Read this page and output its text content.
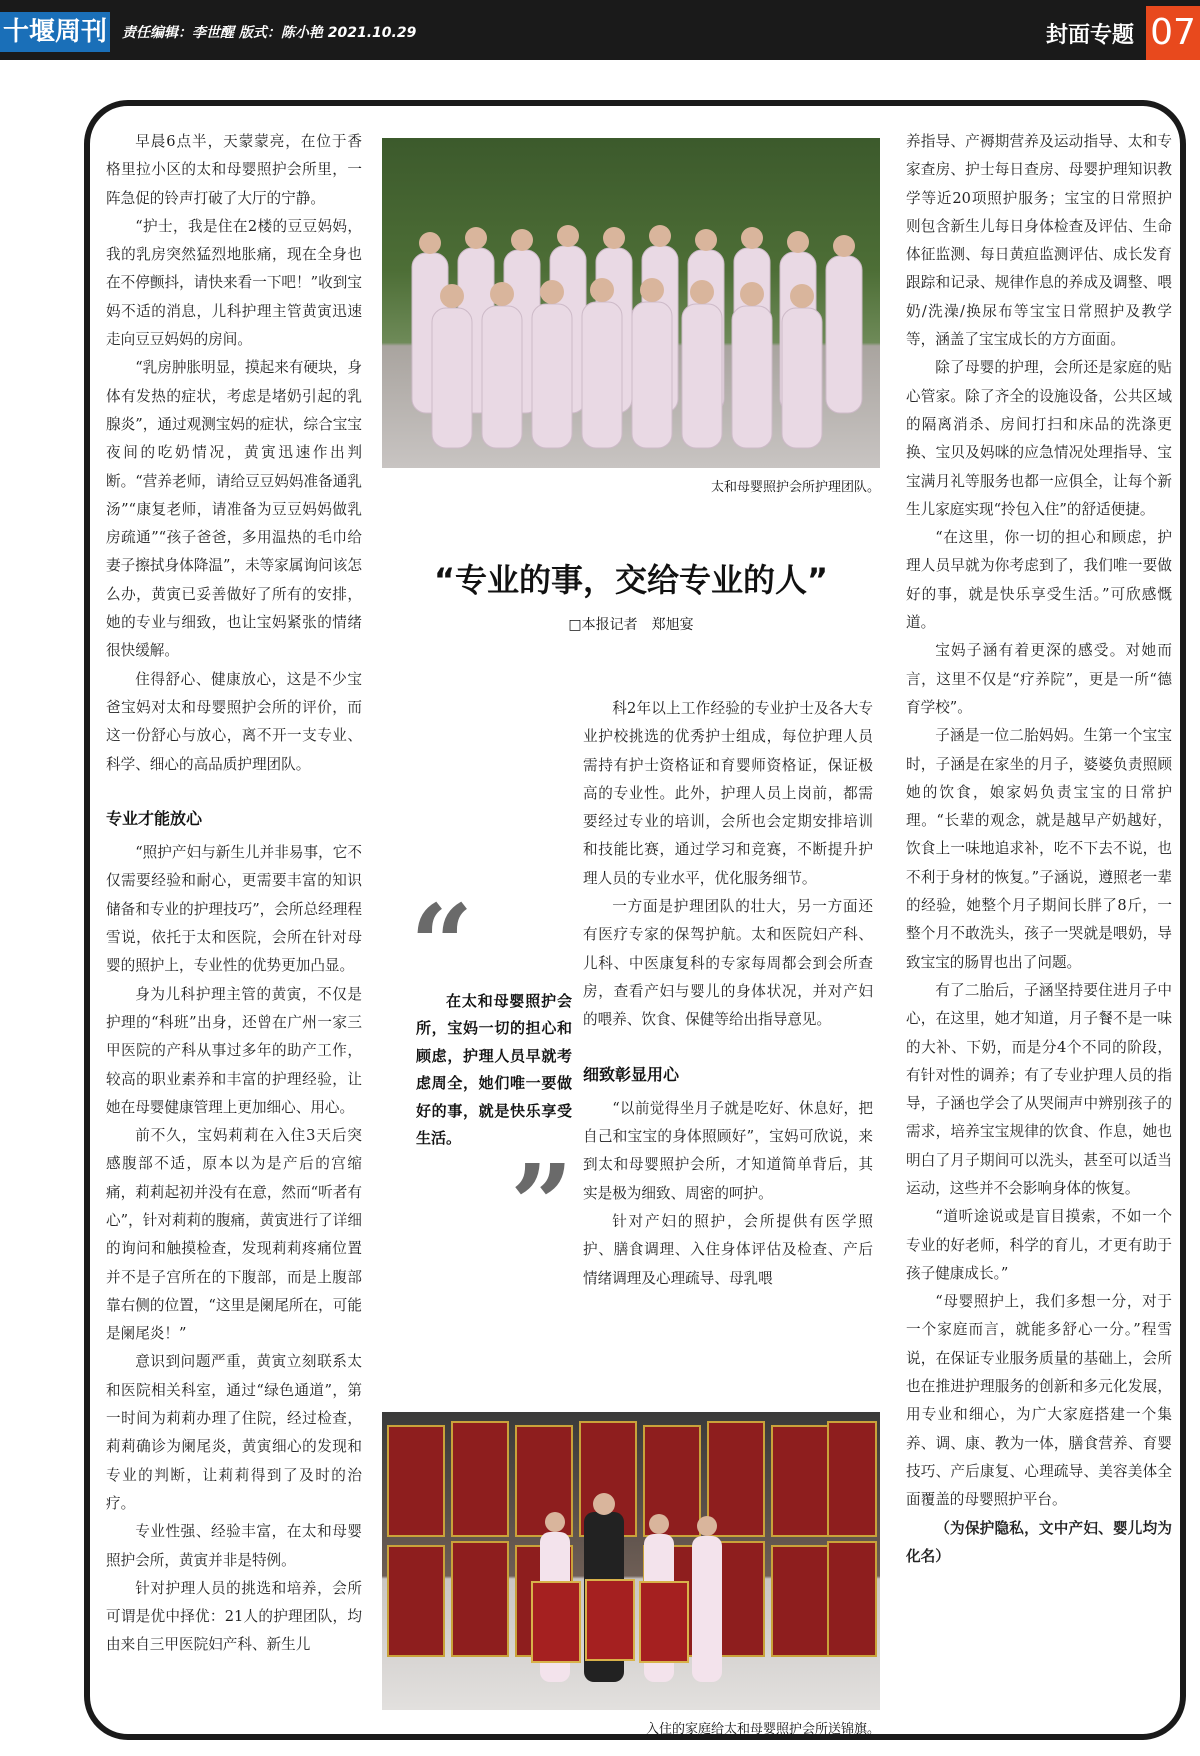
十堰周刊 责任编辑：李世醒 版式：陈小艳 2021.10.29	封面专题 07

早晨6点半，天蒙蒙亮，在位于香格里拉小区的太和母婴照护会所里，一阵急促的铃声打破了大厅的宁静。

“护士，我是住在2楼的豆豆妈妈，我的乳房突然猛烈地胀痛，现在全身也在不停颤抖，请快来看一下吧！”收到宝妈不适的消息，儿科护理主管黄寅迅速走向豆豆妈妈的房间。

“乳房肿胀明显，摸起来有硬块，身体有发热的症状，考虑是堵奶引起的乳腺炎”，通过观测宝妈的症状，综合宝宝夜间的吃奶情况，黄寅迅速作出判断。“营养老师，请给豆豆妈妈准备通乳汤”“康复老师，请准备为豆豆妈妈做乳房疏通”“孩子爸爸，多用温热的毛巾给妻子擦拭身体降温”，未等家属询问该怎么办，黄寅已妥善做好了所有的安排，她的专业与细致，也让宝妈紧张的情绪很快缓解。

住得舒心、健康放心，这是不少宝爸宝妈对太和母婴照护会所的评价，而这一份舒心与放心，离不开一支专业、科学、细心的高品质护理团队。

专业才能放心

“照护产妇与新生儿并非易事，它不仅需要经验和耐心，更需要丰富的知识储备和专业的护理技巧”，会所总经理程雪说，依托于太和医院，会所在针对母婴的照护上，专业性的优势更加凸显。

身为儿科护理主管的黄寅，不仅是护理的“科班”出身，还曾在广州一家三甲医院的产科从事过多年的助产工作，较高的职业素养和丰富的护理经验，让她在母婴健康管理上更加细心、用心。

前不久，宝妈莉莉在入住3天后突感腹部不适，原本以为是产后的宫缩痛，莉莉起初并没有在意，然而“听者有心”，针对莉莉的腹痛，黄寅进行了详细的询问和触摸检查，发现莉莉疼痛位置并不是子宫所在的下腹部，而是上腹部靠右侧的位置，“这里是阑尾所在，可能是阑尾炎！”

意识到问题严重，黄寅立刻联系太和医院相关科室，通过“绿色通道”，第一时间为莉莉办理了住院，经过检查，莉莉确诊为阑尾炎，黄寅细心的发现和专业的判断，让莉莉得到了及时的治疗。

专业性强、经验丰富，在太和母婴照护会所，黄寅并非是特例。

针对护理人员的挑选和培养，会所可谓是优中择优：21人的护理团队，均由来自三甲医院妇产科、新生儿

太和母婴照护会所护理团队。
“专业的事，交给专业的人”
□本报记者　郑旭宴
“
在太和母婴照护会所，宝妈一切的担心和顾虑，护理人员早就考虑周全，她们唯一要做好的事，就是快乐享受生活。
”

科2年以上工作经验的专业护士及各大专业护校挑选的优秀护士组成，每位护理人员需持有护士资格证和育婴师资格证，保证极高的专业性。此外，护理人员上岗前，都需要经过专业的培训，会所也会定期安排培训和技能比赛，通过学习和竞赛，不断提升护理人员的专业水平，优化服务细节。

一方面是护理团队的壮大，另一方面还有医疗专家的保驾护航。太和医院妇产科、儿科、中医康复科的专家每周都会到会所查房，查看产妇与婴儿的身体状况，并对产妇的喂养、饮食、保健等给出指导意见。

细致彰显用心

“以前觉得坐月子就是吃好、休息好，把自己和宝宝的身体照顾好”，宝妈可欣说，来到太和母婴照护会所，才知道简单背后，其实是极为细致、周密的呵护。

针对产妇的照护，会所提供有医学照护、膳食调理、入住身体评估及检查、产后情绪调理及心理疏导、母乳喂

入住的家庭给太和母婴照护会所送锦旗。

养指导、产褥期营养及运动指导、太和专家查房、护士每日查房、母婴护理知识教学等近20项照护服务；宝宝的日常照护则包含新生儿每日身体检查及评估、生命体征监测、每日黄疸监测评估、成长发育跟踪和记录、规律作息的养成及调整、喂奶/洗澡/换尿布等宝宝日常照护及教学等，涵盖了宝宝成长的方方面面。

除了母婴的护理，会所还是家庭的贴心管家。除了齐全的设施设备，公共区域的隔离消杀、房间打扫和床品的洗涤更换、宝贝及妈咪的应急情况处理指导、宝宝满月礼等服务也都一应俱全，让每个新生儿家庭实现“拎包入住”的舒适便捷。

“在这里，你一切的担心和顾虑，护理人员早就为你考虑到了，我们唯一要做好的事，就是快乐享受生活。”可欣感慨道。

宝妈子涵有着更深的感受。对她而言，这里不仅是“疗养院”，更是一所“德育学校”。

子涵是一位二胎妈妈。生第一个宝宝时，子涵是在家坐的月子，婆婆负责照顾她的饮食，娘家妈负责宝宝的日常护理。“长辈的观念，就是越早产奶越好，饮食上一味地追求补，吃不下去不说，也不利于身材的恢复。”子涵说，遵照老一辈的经验，她整个月子期间长胖了8斤，一整个月不敢洗头，孩子一哭就是喂奶，导致宝宝的肠胃也出了问题。

有了二胎后，子涵坚持要住进月子中心，在这里，她才知道，月子餐不是一味的大补、下奶，而是分4个不同的阶段，有针对性的调养；有了专业护理人员的指导，子涵也学会了从哭闹声中辨别孩子的需求，培养宝宝规律的饮食、作息，她也明白了月子期间可以洗头，甚至可以适当运动，这些并不会影响身体的恢复。

“道听途说或是盲目摸索，不如一个专业的好老师，科学的育儿，才更有助于孩子健康成长。”

“母婴照护上，我们多想一分，对于一个家庭而言，就能多舒心一分。”程雪说，在保证专业服务质量的基础上，会所也在推进护理服务的创新和多元化发展，用专业和细心，为广大家庭搭建一个集养、调、康、教为一体，膳食营养、育婴技巧、产后康复、心理疏导、美容美体全面覆盖的母婴照护平台。

（为保护隐私，文中产妇、婴儿均为化名）
